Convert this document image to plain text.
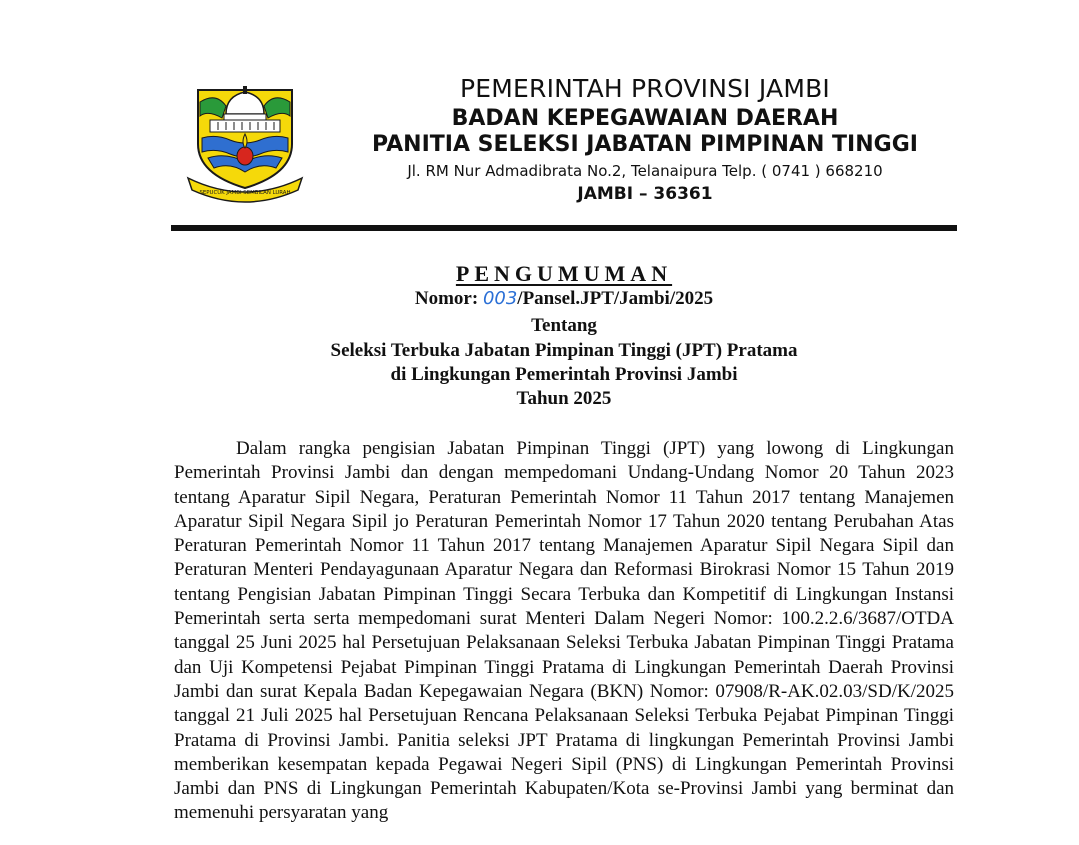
SEPUCUK JAMBI SEMBILAN LURAH
PEMERINTAH PROVINSI JAMBI
BADAN KEPEGAWAIAN DAERAH
PANITIA SELEKSI JABATAN PIMPINAN TINGGI
Jl. RM Nur Admadibrata No.2, Telanaipura Telp. ( 0741 ) 668210
JAMBI – 36361
PENGUMUMAN
Nomor: 003/Pansel.JPT/Jambi/2025
Tentang
Seleksi Terbuka Jabatan Pimpinan Tinggi (JPT) Pratama
di Lingkungan Pemerintah Provinsi Jambi
Tahun 2025

Dalam rangka pengisian Jabatan Pimpinan Tinggi (JPT) yang lowong di Lingkungan Pemerintah Provinsi Jambi dan dengan mempedomani Undang-Undang Nomor 20 Tahun 2023 tentang Aparatur Sipil Negara, Peraturan Pemerintah Nomor 11 Tahun 2017 tentang Manajemen Aparatur Sipil Negara Sipil jo Peraturan Pemerintah Nomor 17 Tahun 2020 tentang Perubahan Atas Peraturan Pemerintah Nomor 11 Tahun 2017 tentang Manajemen Aparatur Sipil Negara Sipil dan Peraturan Menteri Pendayagunaan Aparatur Negara dan Reformasi Birokrasi Nomor 15 Tahun 2019 tentang Pengisian Jabatan Pimpinan Tinggi Secara Terbuka dan Kompetitif di Lingkungan Instansi Pemerintah serta serta mempedomani surat Menteri Dalam Negeri Nomor: 100.2.2.6/3687/OTDA tanggal 25 Juni 2025 hal Persetujuan Pelaksanaan Seleksi Terbuka Jabatan Pimpinan Tinggi Pratama dan Uji Kompetensi Pejabat Pimpinan Tinggi Pratama di Lingkungan Pemerintah Daerah Provinsi Jambi dan surat Kepala Badan Kepegawaian Negara (BKN) Nomor: 07908/R-AK.02.03/SD/K/2025 tanggal 21 Juli 2025 hal Persetujuan Rencana Pelaksanaan Seleksi Terbuka Pejabat Pimpinan Tinggi Pratama di Provinsi Jambi. Panitia seleksi JPT Pratama di lingkungan Pemerintah Provinsi Jambi memberikan kesempatan kepada Pegawai Negeri Sipil (PNS) di Lingkungan Pemerintah Provinsi Jambi dan PNS di Lingkungan Pemerintah Kabupaten/Kota se-Provinsi Jambi yang berminat dan memenuhi persyaratan yang
